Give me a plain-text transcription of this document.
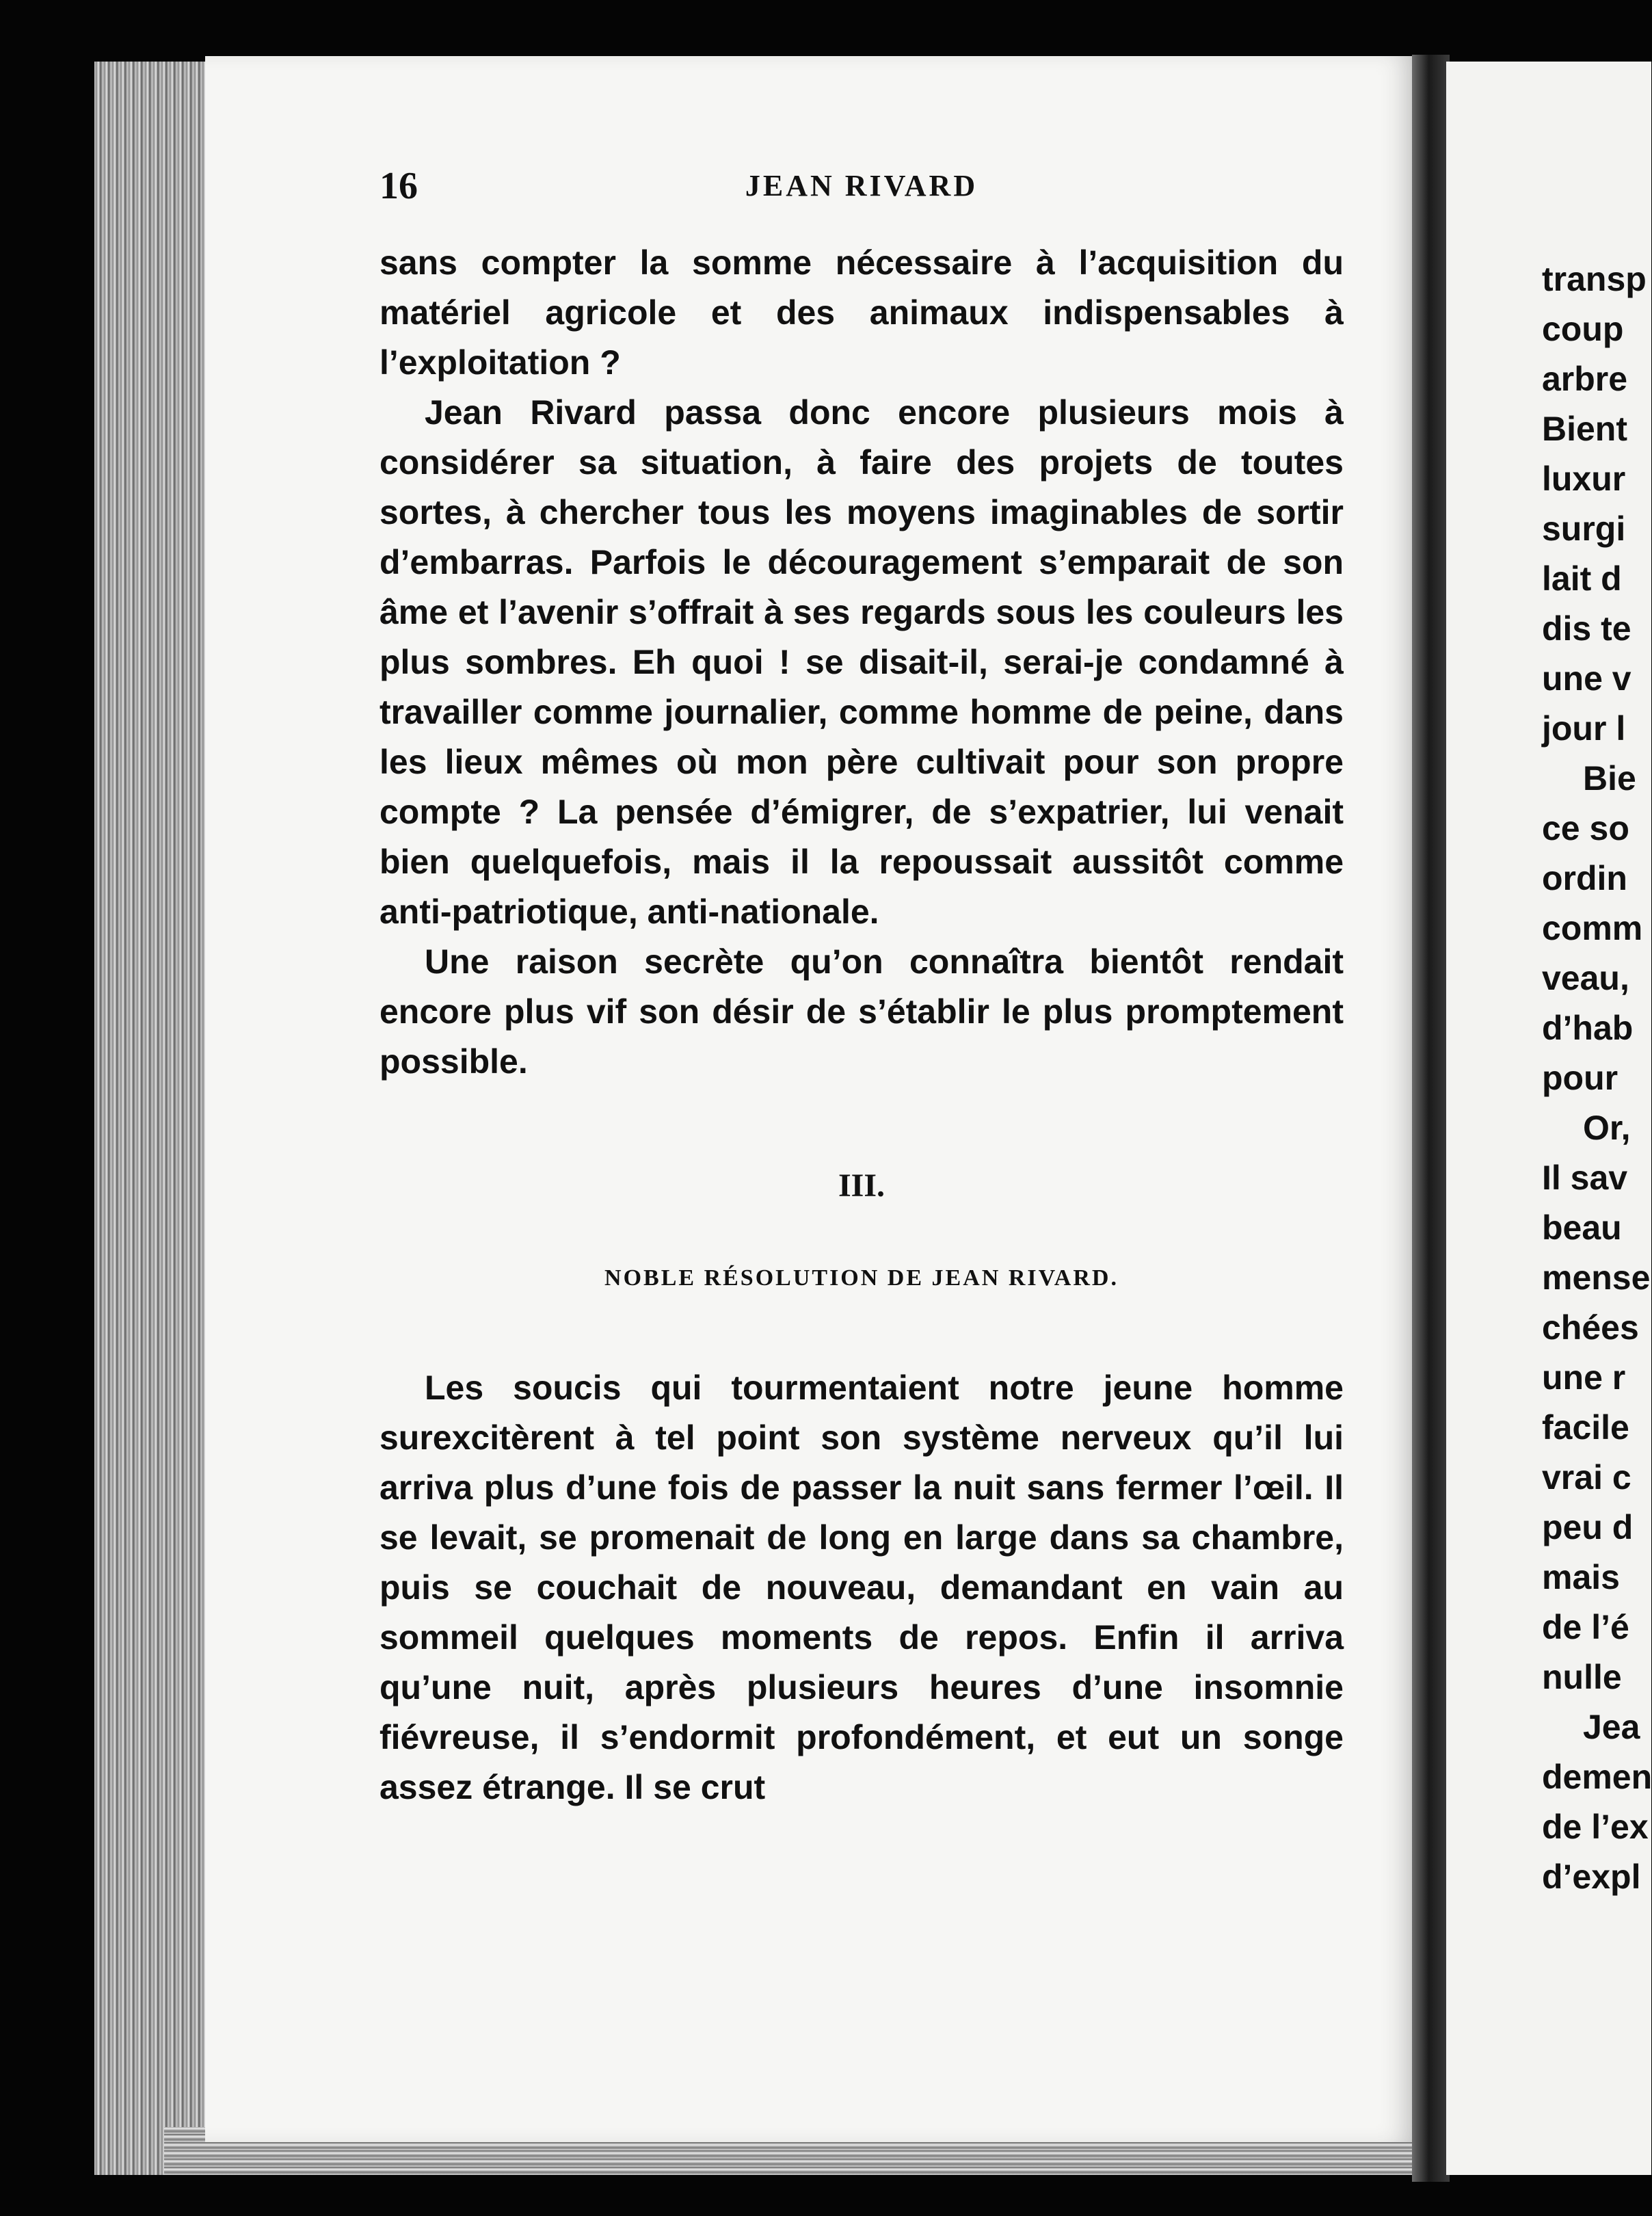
16	JEAN RIVARD

sans compter la somme nécessaire à l’acquisition du matériel agricole et des animaux indispensables à l’exploitation ?

Jean Rivard passa donc encore plusieurs mois à considérer sa situation, à faire des projets de toutes sortes, à chercher tous les moyens imaginables de sortir d’embarras. Parfois le découragement s’emparait de son âme et l’avenir s’offrait à ses regards sous les couleurs les plus sombres. Eh quoi ! se disait-il, serai-je condamné à travailler comme journalier, comme homme de peine, dans les lieux mêmes où mon père cultivait pour son propre compte ? La pensée d’émigrer, de s’expatrier, lui venait bien quelquefois, mais il la repoussait aussitôt comme anti-patriotique, anti-nationale.

Une raison secrète qu’on connaîtra bientôt rendait encore plus vif son désir de s’établir le plus promptement possible.

III.
NOBLE RÉSOLUTION DE JEAN RIVARD.

Les soucis qui tourmentaient notre jeune homme surexcitèrent à tel point son système nerveux qu’il lui arriva plus d’une fois de passer la nuit sans fermer l’œil. Il se levait, se promenait de long en large dans sa chambre, puis se couchait de nouveau, demandant en vain au sommeil quelques moments de repos. Enfin il arriva qu’une nuit, après plusieurs heures d’une insomnie fiévreuse, il s’endormit profondément, et eut un songe assez étrange. Il se crut

transp
coup
arbre
Bient
luxur
surgi
lait d
dis te
une v
jour l
Bie
ce so
ordin
comm
veau,
d’hab
pour
Or,
Il sav
beau
mense
chées
une r
facile
vrai c
peu d
mais
de l’é
nulle
Jea
demen
de l’ex
d’expl
